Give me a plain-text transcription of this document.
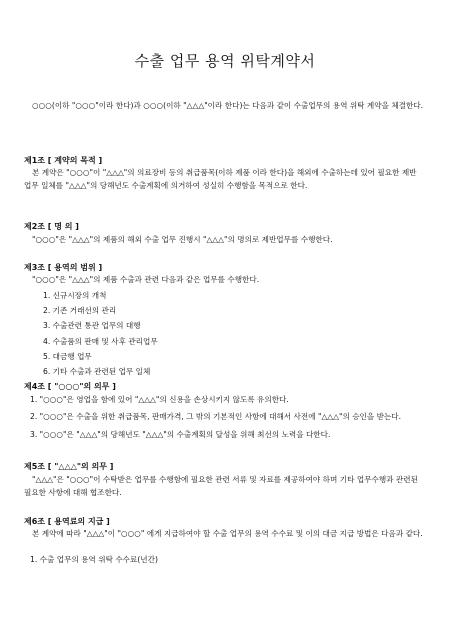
수출 업무 용역 위탁계약서

○○○(이하 "○○○"이라 한다)과 ○○○(이하 "△△△"이라 한다)는 다음과 같이 수출업무의 용역 위탁 계약을 체결한다.

제1조 [ 계약의 목적 ]

본 계약은 "○○○"이 "△△△"의 의료장비 등의 취급품목(이하 제품 이라 한다)을 해외에 수출하는데 있어 필요한 제반 업무 일체를 "△△△"의 당해년도 수출계획에 의거하여 성실히 수행함을 목적으로 한다.

제2조 [ 명 의 ]

"○○○"은 "△△△"의 제품의 해외 수출 업무 진행시 "△△△"의 명의로 제반업무를 수행한다.

제3조 [ 용역의 범위 ]

"○○○"은 "△△△"의 제품 수출과 관련 다음과 같은 업무를 수행한다.

1. 신규시장의 개척
2. 기존 거래선의 관리
3. 수출관련 통관 업무의 대행
4. 수출품의 판매 및 사후 관리업무
5. 대금행 업무
6. 기타 수출과 관련된 업무 일체

제4조 [ "○○○"의 의무 ]

1. "○○○"은 영업을 함에 있어 "△△△"의 신용을 손상시키지 않도록 유의한다.
2. "○○○"은 수출을 위한 취급품목, 판매가격, 그 밖의 기본적인 사항에 대해서 사전에 "△△△"의 승인을 받는다.
3. "○○○"은 "△△△"의 당해년도 "△△△"의 수출계획의 달성을 위해 최선의 노력을 다한다.

제5조 [ "△△△"의 의무 ]

"△△△"은 "○○○"이 수탁받은 업무를 수행함에 필요한 관련 서류 및 자료를 제공하여야 하며 기타 업무수행과 관련된 필요한 사항에 대해 협조한다.

제6조 [ 용역료의 지급 ]

본 계약에 따라 "△△△"이 "○○○" 에게 지급하여야 할 수출 업무의 용역 수수료 및 이의 대금 지급 방법은 다음과 같다.

1. 수출 업무의 용역 위탁 수수료(년간)
